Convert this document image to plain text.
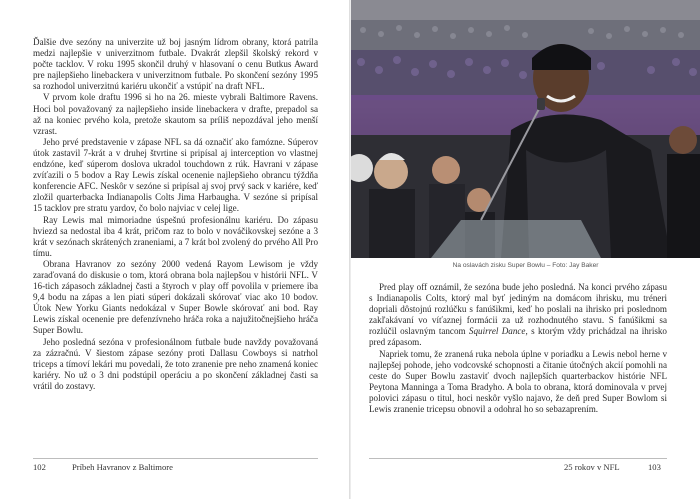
Ďalšie dve sezóny na univerzite už boj jasným lídrom obrany, ktorá patrila medzi najlepšie v univerzitnom futbale. Dvakrát zlepšil školský rekord v počte tacklov. V roku 1995 skončil druhý v hlasovaní o cenu Butkus Award pre najlepšieho linebackera v univerzitnom futbale. Po skončení sezóny 1995 sa rozhodol univerzitnú kariéru ukončiť a vstúpiť na draft NFL.

V prvom kole draftu 1996 si ho na 26. mieste vybrali Baltimore Ravens. Hoci bol považovaný za najlepšieho inside linebackera v drafte, prepadol sa až na koniec prvého kola, pretože skautom sa príliš nepozdával jeho menší vzrast.

Jeho prvé predstavenie v zápase NFL sa dá označiť ako famózne. Súperov útok zastavil 7-krát a v druhej štvrtine si pripísal aj interception vo vlastnej endzóne, keď súperom doslova ukradol touchdown z rúk. Havrani v zápase zvíťazili o 5 bodov a Ray Lewis získal ocenenie najlepšieho obrancu týždňa konferencie AFC. Neskôr v sezóne si pripísal aj svoj prvý sack v kariére, keď zložil quarterbacka Indianapolis Colts Jima Harbaugha. V sezóne si pripísal 15 tacklov pre stratu yardov, čo bolo najviac v celej lige.

Ray Lewis mal mimoriadne úspešnú profesionálnu kariéru. Do zápasu hviezd sa nedostal iba 4 krát, pričom raz to bolo v nováčikovskej sezóne a 3 krát v sezónach skrátených zraneniami, a 7 krát bol zvolený do prvého All Pro tímu.

Obrana Havranov zo sezóny 2000 vedená Rayom Lewisom je vždy zaraďovaná do diskusie o tom, ktorá obrana bola najlepšou v histórii NFL. V 16-tich zápasoch základnej časti a štyroch v play off povolila v priemere iba 9,4 bodu na zápas a len piati súperi dokázali skórovať viac ako 10 bodov. Útok New Yorku Giants nedokázal v Super Bowle skórovať ani bod. Ray Lewis získal ocenenie pre defenzívneho hráča roka a najužitočnejšieho hráča Super Bowlu.

Jeho posledná sezóna v profesionálnom futbale bude navždy považovaná za zázračnú. V šiestom zápase sezóny proti Dallasu Cowboys si natrhol triceps a tímoví lekári mu povedali, že toto zranenie pre neho znamená koniec kariéry. No už o 3 dni podstúpil operáciu a po skončení základnej časti sa vrátil do zostavy.

102	Príbeh Havranov z Baltimore
Na oslavách zisku Super Bowlu – Foto: Jay Baker

Pred play off oznámil, že sezóna bude jeho posledná. Na konci prvého zápasu s Indianapolis Colts, ktorý mal byť jediným na domácom ihrisku, mu tréneri dopriali dôstojnú rozlúčku s fanúšikmi, keď ho poslali na ihrisko pri poslednom zakľakávaní vo víťaznej formácii za už rozhodnutého stavu. S fanúšikmi sa rozlúčil oslavným tancom Squirrel Dance, s ktorým vždy prichádzal na ihrisko pred zápasom.

Napriek tomu, že zranená ruka nebola úplne v poriadku a Lewis nebol herne v najlepšej pohode, jeho vodcovské schopnosti a čitanie útočných akcií pomohli na ceste do Super Bowlu zastaviť dvoch najlepších quarterbackov histórie NFL Peytona Manninga a Toma Bradyho. A bola to obrana, ktorá dominovala v prvej polovici zápasu o titul, hoci neskôr vyšlo najavo, že deň pred Super Bowlom si Lewis zranenie tricepsu obnovil a odohral ho so sebazaprením.

25 rokov v NFL	103
